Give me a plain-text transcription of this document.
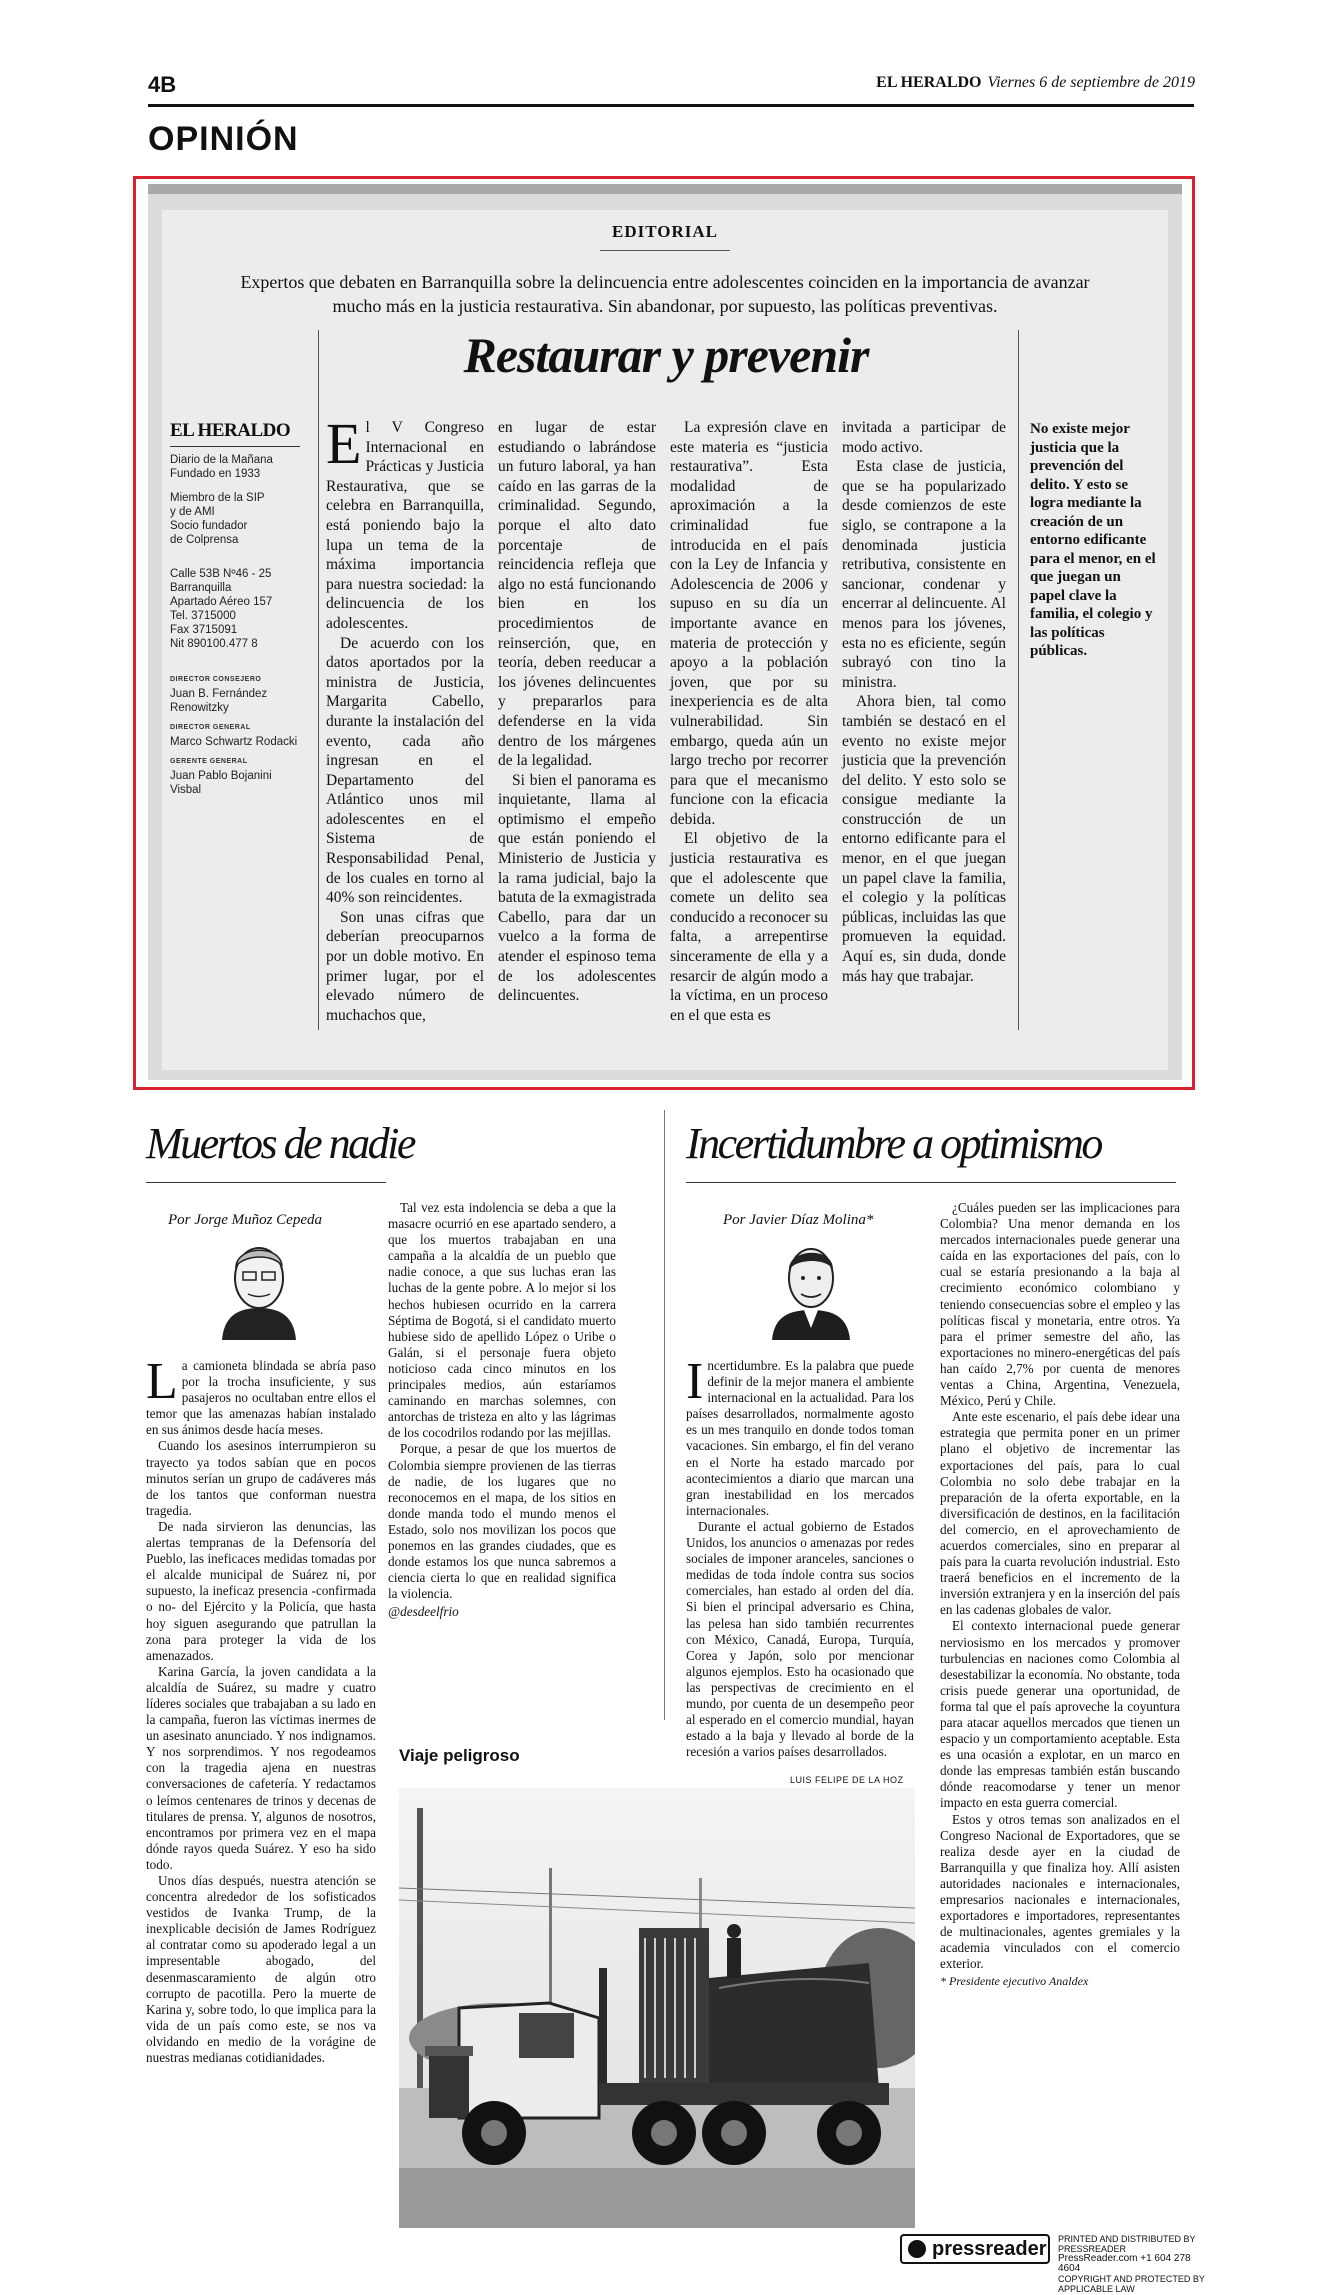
4B	EL HERALDO Viernes 6 de septiembre de 2019
OPINIÓN
EDITORIAL
Expertos que debaten en Barranquilla sobre la delincuencia entre adolescentes coinciden en la importancia de avanzar mucho más en la justicia restaurativa. Sin abandonar, por supuesto, las políticas preventivas.
Restaurar y prevenir
EL HERALDO
Diario de la Mañana
Fundado en 1933
Miembro de la SIP
y de AMI
Socio fundador
de Colprensa
Calle 53B Nº46 - 25
Barranquilla
Apartado Aéreo 157
Tel. 3715000
Fax 3715091
Nit 890100.477 8
DIRECTOR CONSEJERO
Juan B. Fernández
Renowitzky
DIRECTOR GENERAL
Marco Schwartz Rodacki
GERENTE GENERAL
Juan Pablo Bojanini
Visbal

El V Congreso Internacional en Prácticas y Justicia Restaurativa, que se celebra en Barranquilla, está poniendo bajo la lupa un tema de la máxima importancia para nuestra sociedad: la delincuencia de los adolescentes.

De acuerdo con los datos aportados por la ministra de Justicia, Margarita Cabello, durante la instalación del evento, cada año ingresan en el Departamento del Atlántico unos mil adolescentes en el Sistema de Responsabilidad Penal, de los cuales en torno al 40% son reincidentes.

Son unas cifras que deberían preocuparnos por un doble motivo. En primer lugar, por el elevado número de muchachos que,

en lugar de estar estudiando o labrándose un futuro laboral, ya han caído en las garras de la criminalidad. Segundo, porque el alto dato porcentaje de reincidencia refleja que algo no está funcionando bien en los procedimientos de reinserción, que, en teoría, deben reeducar a los jóvenes delincuentes y prepararlos para defenderse en la vida dentro de los márgenes de la legalidad.

Si bien el panorama es inquietante, llama al optimismo el empeño que están poniendo el Ministerio de Justicia y la rama judicial, bajo la batuta de la exmagistrada Cabello, para dar un vuelco a la forma de atender el espinoso tema de los adolescentes delincuentes.

La expresión clave en este materia es “justicia restaurativa”. Esta modalidad de aproximación a la criminalidad fue introducida en el país con la Ley de Infancia y Adolescencia de 2006 y supuso en su día un importante avance en materia de protección y apoyo a la población joven, que por su inexperiencia es de alta vulnerabilidad. Sin embargo, queda aún un largo trecho por recorrer para que el mecanismo funcione con la eficacia debida.

El objetivo de la justicia restaurativa es que el adolescente que comete un delito sea conducido a reconocer su falta, a arrepentirse sinceramente de ella y a resarcir de algún modo a la víctima, en un proceso en el que esta es

invitada a participar de modo activo.

Esta clase de justicia, que se ha popularizado desde comienzos de este siglo, se contrapone a la denominada justicia retributiva, consistente en sancionar, condenar y encerrar al delincuente. Al menos para los jóvenes, esta no es eficiente, según subrayó con tino la ministra.

Ahora bien, tal como también se destacó en el evento no existe mejor justicia que la prevención del delito. Y esto solo se consigue mediante la construcción de un entorno edificante para el menor, en el que juegan un papel clave la familia, el colegio y la políticas públicas, incluidas las que promueven la equidad. Aquí es, sin duda, donde más hay que trabajar.

No existe mejor justicia que la prevención del delito. Y esto se logra mediante la creación de un entorno edificante para el menor, en el que juegan un papel clave la familia, el colegio y las políticas públicas.
Muertos de nadie
Por Jorge Muñoz Cepeda

La camioneta blindada se abría paso por la trocha insuficiente, y sus pasajeros no ocultaban entre ellos el temor que las amenazas habían instalado en sus ánimos desde hacía meses.

Cuando los asesinos interrumpieron su trayecto ya todos sabían que en pocos minutos serían un grupo de cadáveres más de los tantos que conforman nuestra tragedia.

De nada sirvieron las denuncias, las alertas tempranas de la Defensoría del Pueblo, las ineficaces medidas tomadas por el alcalde municipal de Suárez ni, por supuesto, la ineficaz presencia -confirmada o no- del Ejército y la Policía, que hasta hoy siguen asegurando que patrullan la zona para proteger la vida de los amenazados.

Karina García, la joven candidata a la alcaldía de Suárez, su madre y cuatro líderes sociales que trabajaban a su lado en la campaña, fueron las víctimas inermes de un asesinato anunciado. Y nos indignamos. Y nos sorprendimos. Y nos regodeamos con la tragedia ajena en nuestras conversaciones de cafetería. Y redactamos o leímos centenares de trinos y decenas de titulares de prensa. Y, algunos de nosotros, encontramos por primera vez en el mapa dónde rayos queda Suárez. Y eso ha sido todo.

Unos días después, nuestra atención se concentra alrededor de los sofisticados vestidos de Ivanka Trump, de la inexplicable decisión de James Rodríguez al contratar como su apoderado legal a un impresentable abogado, del desenmascaramiento de algún otro corrupto de pacotilla. Pero la muerte de Karina y, sobre todo, lo que implica para la vida de un país como este, se nos va olvidando en medio de la vorágine de nuestras medianas cotidianidades.

Tal vez esta indolencia se deba a que la masacre ocurrió en ese apartado sendero, a que los muertos trabajaban en una campaña a la alcaldía de un pueblo que nadie conoce, a que sus luchas eran las luchas de la gente pobre. A lo mejor si los hechos hubiesen ocurrido en la carrera Séptima de Bogotá, si el candidato muerto hubiese sido de apellido López o Uribe o Galán, si el personaje fuera objeto noticioso cada cinco minutos en los principales medios, aún estaríamos caminando en marchas solemnes, con antorchas de tristeza en alto y las lágrimas de los cocodrilos rodando por las mejillas.

Porque, a pesar de que los muertos de Colombia siempre provienen de las tierras de nadie, de los lugares que no reconocemos en el mapa, de los sitios en donde manda todo el mundo menos el Estado, solo nos movilizan los pocos que ponemos en las grandes ciudades, que es donde estamos los que nunca sabremos a ciencia cierta lo que en realidad significa la violencia.

@desdeelfrio

Viaje peligroso
LUIS FELIPE DE LA HOZ
Incertidumbre a optimismo
Por Javier Díaz Molina*

Incertidumbre. Es la palabra que puede definir de la mejor manera el ambiente internacional en la actualidad. Para los países desarrollados, normalmente agosto es un mes tranquilo en donde todos toman vacaciones. Sin embargo, el fin del verano en el Norte ha estado marcado por acontecimientos a diario que marcan una gran inestabilidad en los mercados internacionales.

Durante el actual gobierno de Estados Unidos, los anuncios o amenazas por redes sociales de imponer aranceles, sanciones o medidas de toda índole contra sus socios comerciales, han estado al orden del día. Si bien el principal adversario es China, las pelesa han sido también recurrentes con México, Canadá, Europa, Turquía, Corea y Japón, solo por mencionar algunos ejemplos. Esto ha ocasionado que las perspectivas de crecimiento en el mundo, por cuenta de un desempeño peor al esperado en el comercio mundial, hayan estado a la baja y llevado al borde de la recesión a varios países desarrollados.

¿Cuáles pueden ser las implicaciones para Colombia? Una menor demanda en los mercados internacionales puede generar una caída en las exportaciones del país, con lo cual se estaría presionando a la baja al crecimiento económico colombiano y teniendo consecuencias sobre el empleo y las políticas fiscal y monetaria, entre otros. Ya para el primer semestre del año, las exportaciones no minero-energéticas del país han caído 2,7% por cuenta de menores ventas a China, Argentina, Venezuela, México, Perú y Chile.

Ante este escenario, el país debe idear una estrategia que permita poner en un primer plano el objetivo de incrementar las exportaciones del país, para lo cual Colombia no solo debe trabajar en la preparación de la oferta exportable, en la diversificación de destinos, en la facilitación del comercio, en el aprovechamiento de acuerdos comerciales, sino en preparar al país para la cuarta revolución industrial. Esto traerá beneficios en el incremento de la inversión extranjera y en la inserción del país en las cadenas globales de valor.

El contexto internacional puede generar nerviosismo en los mercados y promover turbulencias en naciones como Colombia al desestabilizar la economía. No obstante, toda crisis puede generar una oportunidad, de forma tal que el país aproveche la coyuntura para atacar aquellos mercados que tienen un espacio y un comportamiento aceptable. Esta es una ocasión a explotar, en un marco en donde las empresas también están buscando dónde reacomodarse y tener un menor impacto en esta guerra comercial.

Estos y otros temas son analizados en el Congreso Nacional de Exportadores, que se realiza desde ayer en la ciudad de Barranquilla y que finaliza hoy. Allí asisten autoridades nacionales e internacionales, empresarios nacionales e internacionales, exportadores e importadores, representantes de multinacionales, agentes gremiales y la academia vinculados con el comercio exterior.

* Presidente ejecutivo Analdex

pressreader PRINTED AND DISTRIBUTED BY PRESSREADER
PressReader.com +1 604 278 4604
COPYRIGHT AND PROTECTED BY APPLICABLE LAW
